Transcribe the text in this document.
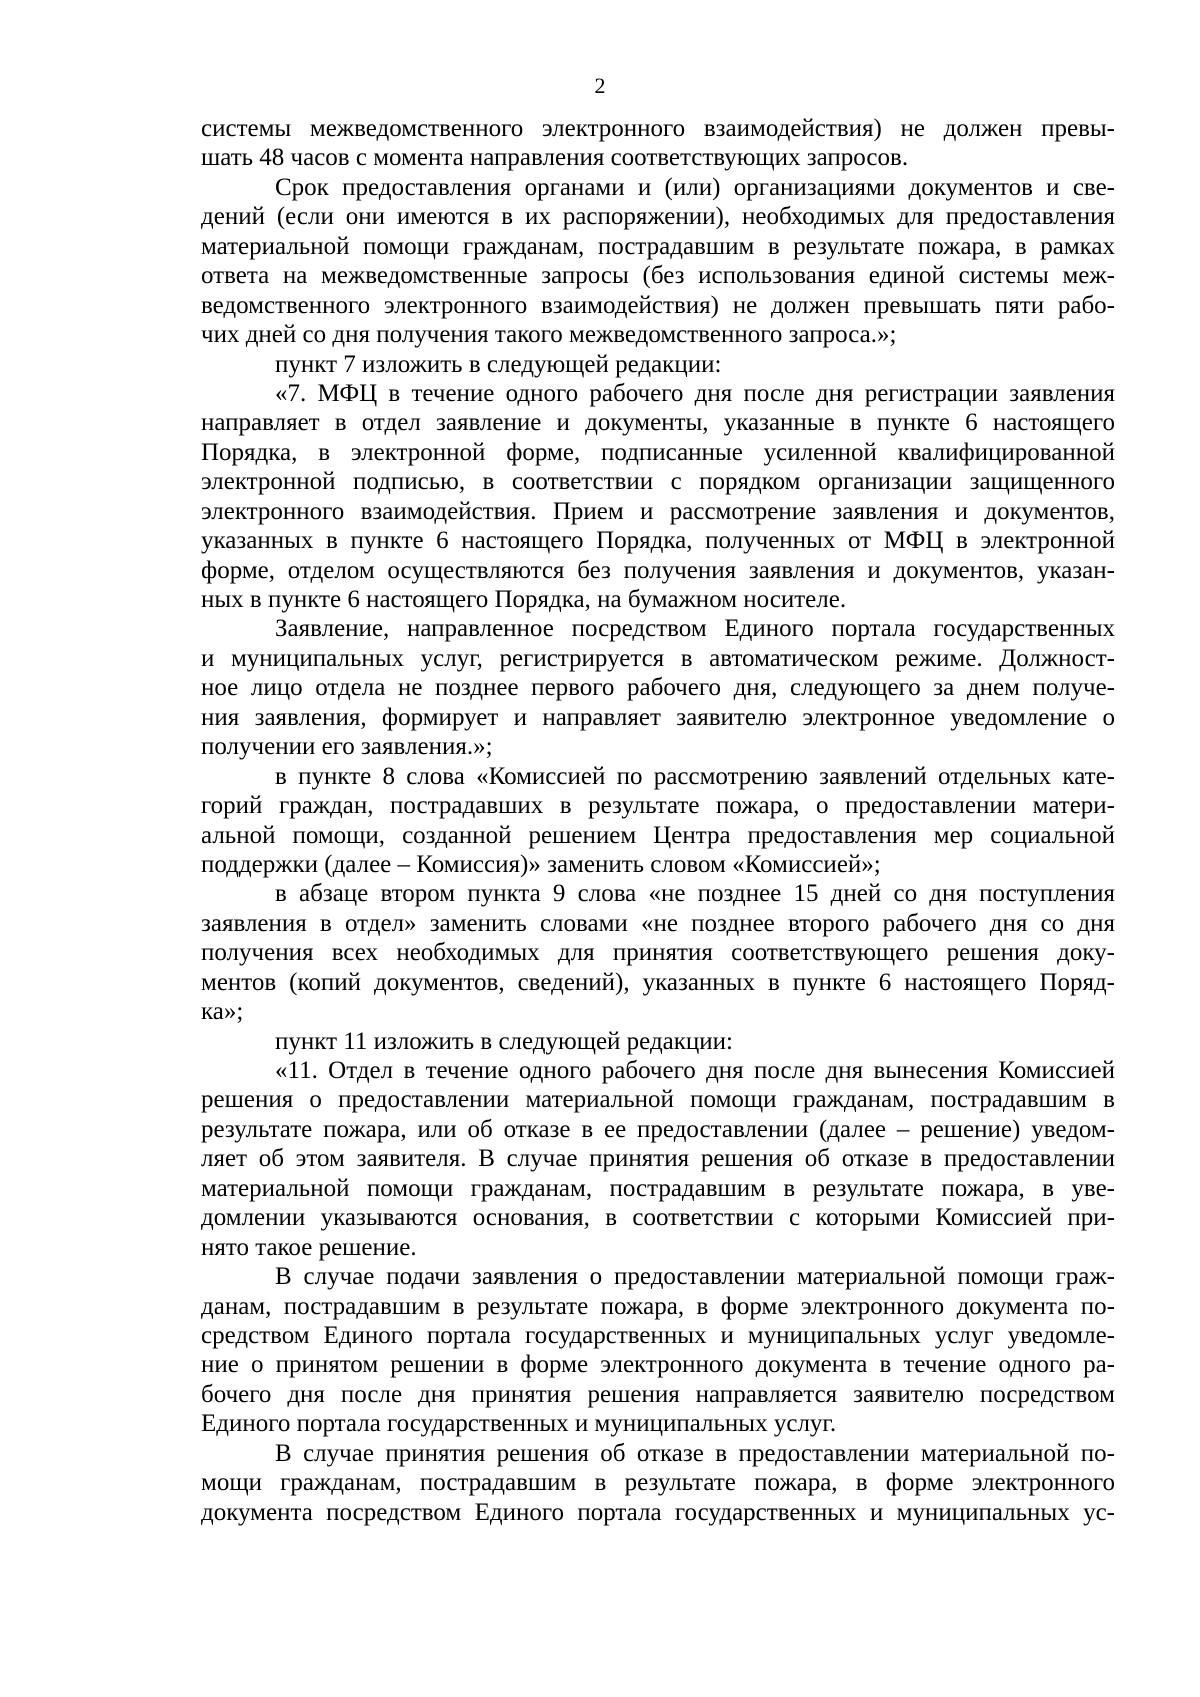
2
системы межведомственного электронного взаимодействия) не должен превы-
шать 48 часов с момента направления соответствующих запросов.
Срок предоставления органами и (или) организациями документов и све-
дений (если они имеются в их распоряжении), необходимых для предоставления
материальной помощи гражданам, пострадавшим в результате пожара, в рамках
ответа на межведомственные запросы (без использования единой системы меж-
ведомственного электронного взаимодействия) не должен превышать пяти рабо-
чих дней со дня получения такого межведомственного запроса.»;
пункт 7 изложить в следующей редакции:
«7. МФЦ в течение одного рабочего дня после дня регистрации заявления
направляет в отдел заявление и документы, указанные в пункте 6 настоящего
Порядка, в электронной форме, подписанные усиленной квалифицированной
электронной подписью, в соответствии с порядком организации защищенного
электронного взаимодействия. Прием и рассмотрение заявления и документов,
указанных в пункте 6 настоящего Порядка, полученных от МФЦ в электронной
форме, отделом осуществляются без получения заявления и документов, указан-
ных в пункте 6 настоящего Порядка, на бумажном носителе.
Заявление, направленное посредством Единого портала государственных
и муниципальных услуг, регистрируется в автоматическом режиме. Должност-
ное лицо отдела не позднее первого рабочего дня, следующего за днем получе-
ния заявления, формирует и направляет заявителю электронное уведомление о
получении его заявления.»;
в пункте 8 слова «Комиссией по рассмотрению заявлений отдельных кате-
горий граждан, пострадавших в результате пожара, о предоставлении матери-
альной помощи, созданной решением Центра предоставления мер социальной
поддержки (далее – Комиссия)» заменить словом «Комиссией»;
в абзаце втором пункта 9 слова «не позднее 15 дней со дня поступления
заявления в отдел» заменить словами «не позднее второго рабочего дня со дня
получения всех необходимых для принятия соответствующего решения доку-
ментов (копий документов, сведений), указанных в пункте 6 настоящего Поряд-
ка»;
пункт 11 изложить в следующей редакции:
«11. Отдел в течение одного рабочего дня после дня вынесения Комиссией
решения о предоставлении материальной помощи гражданам, пострадавшим в
результате пожара, или об отказе в ее предоставлении (далее – решение) уведом-
ляет об этом заявителя. В случае принятия решения об отказе в предоставлении
материальной помощи гражданам, пострадавшим в результате пожара, в уве-
домлении указываются основания, в соответствии с которыми Комиссией при-
нято такое решение.
В случае подачи заявления о предоставлении материальной помощи граж-
данам, пострадавшим в результате пожара, в форме электронного документа по-
средством Единого портала государственных и муниципальных услуг уведомле-
ние о принятом решении в форме электронного документа в течение одного ра-
бочего дня после дня принятия решения направляется заявителю посредством
Единого портала государственных и муниципальных услуг.
В случае принятия решения об отказе в предоставлении материальной по-
мощи гражданам, пострадавшим в результате пожара, в форме электронного
документа посредством Единого портала государственных и муниципальных ус-
